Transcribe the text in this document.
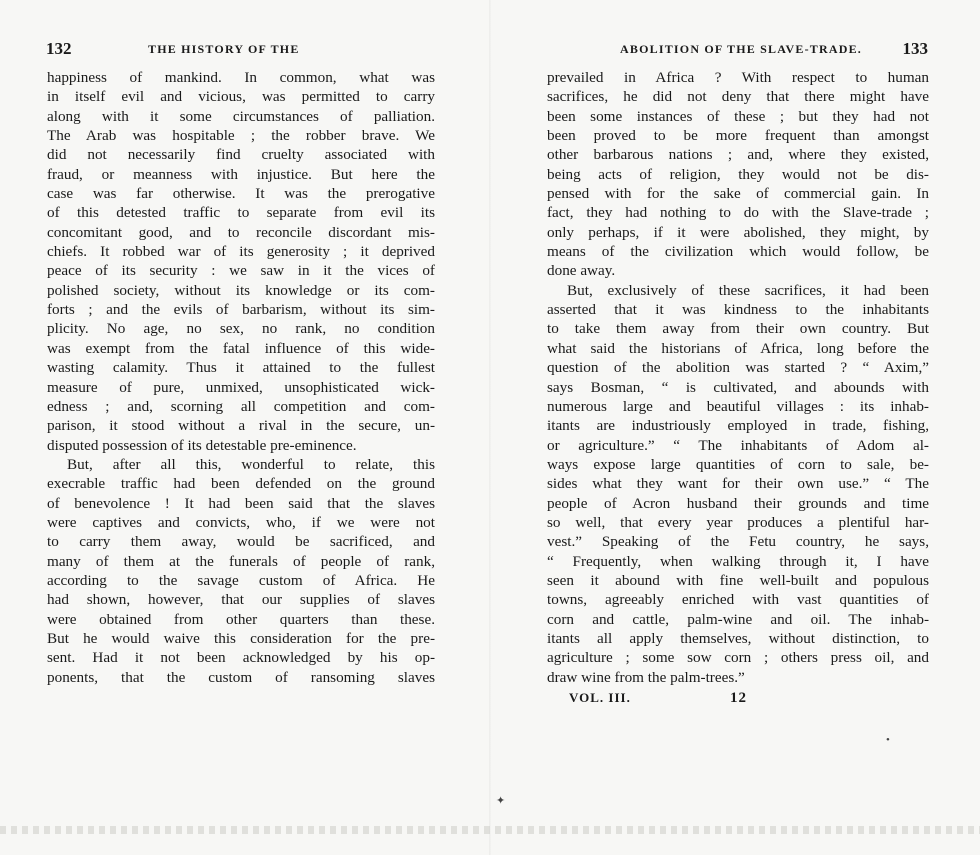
132	THE HISTORY OF THE
happiness of mankind. In common, what was
in itself evil and vicious, was permitted to carry
along with it some circumstances of palliation.
The Arab was hospitable ; the robber brave. We
did not necessarily find cruelty associated with
fraud, or meanness with injustice. But here the
case was far otherwise. It was the prerogative
of this detested traffic to separate from evil its
concomitant good, and to reconcile discordant mis-
chiefs. It robbed war of its generosity ; it deprived
peace of its security : we saw in it the vices of
polished society, without its knowledge or its com-
forts ; and the evils of barbarism, without its sim-
plicity. No age, no sex, no rank, no condition
was exempt from the fatal influence of this wide-
wasting calamity. Thus it attained to the fullest
measure of pure, unmixed, unsophisticated wick-
edness ; and, scorning all competition and com-
parison, it stood without a rival in the secure, un-
disputed possession of its detestable pre-eminence.
But, after all this, wonderful to relate, this
execrable traffic had been defended on the ground
of benevolence ! It had been said that the slaves
were captives and convicts, who, if we were not
to carry them away, would be sacrificed, and
many of them at the funerals of people of rank,
according to the savage custom of Africa. He
had shown, however, that our supplies of slaves
were obtained from other quarters than these.
But he would waive this consideration for the pre-
sent. Had it not been acknowledged by his op-
ponents, that the custom of ransoming slaves
ABOLITION OF THE SLAVE-TRADE. 133
prevailed in Africa ? With respect to human
sacrifices, he did not deny that there might have
been some instances of these ; but they had not
been proved to be more frequent than amongst
other barbarous nations ; and, where they existed,
being acts of religion, they would not be dis-
pensed with for the sake of commercial gain. In
fact, they had nothing to do with the Slave-trade ;
only perhaps, if it were abolished, they might, by
means of the civilization which would follow, be
done away.
But, exclusively of these sacrifices, it had been
asserted that it was kindness to the inhabitants
to take them away from their own country. But
what said the historians of Africa, long before the
question of the abolition was started ? “ Axim,”
says Bosman, “ is cultivated, and abounds with
numerous large and beautiful villages : its inhab-
itants are industriously employed in trade, fishing,
or agriculture.” “ The inhabitants of Adom al-
ways expose large quantities of corn to sale, be-
sides what they want for their own use.” “ The
people of Acron husband their grounds and time
so well, that every year produces a plentiful har-
vest.” Speaking of the Fetu country, he says,
“ Frequently, when walking through it, I have
seen it abound with fine well-built and populous
towns, agreeably enriched with vast quantities of
corn and cattle, palm-wine and oil. The inhab-
itants all apply themselves, without distinction, to
agriculture ; some sow corn ; others press oil, and
draw wine from the palm-trees.”
VOL. III.	12
✦
•
